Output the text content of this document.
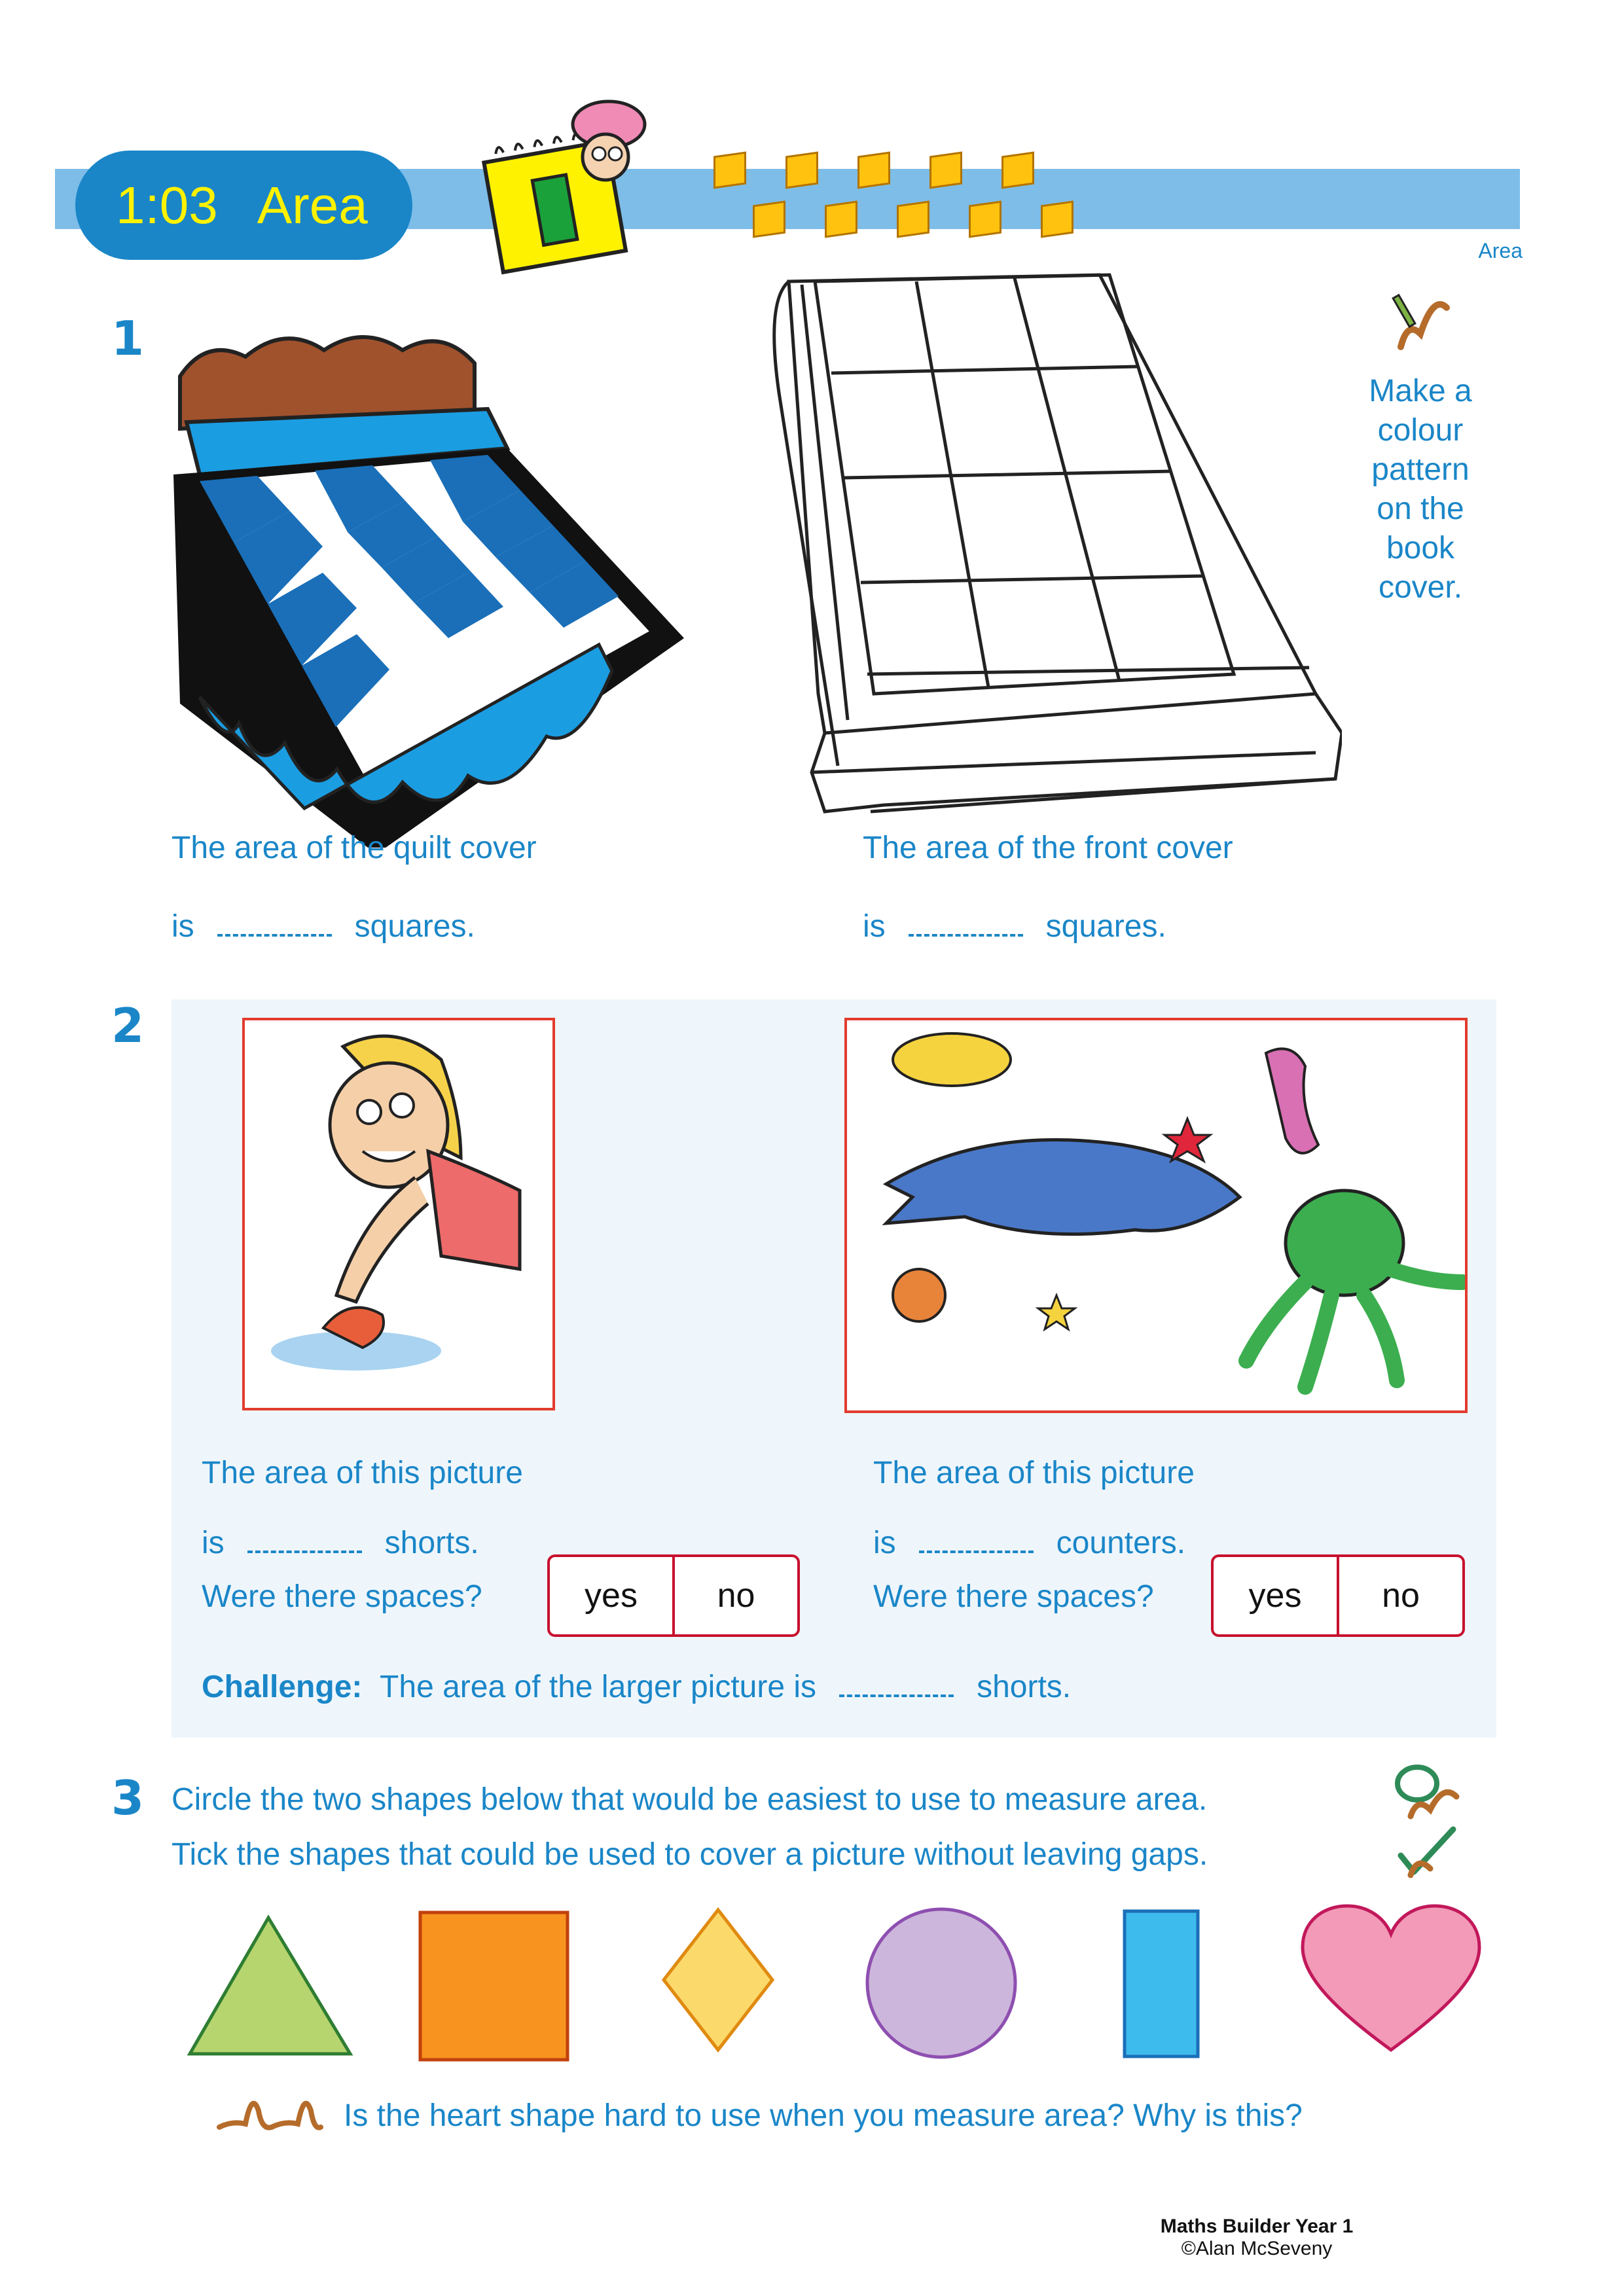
1:03 Area
Area
1
Make a
colour
pattern
on the
book
cover.
The area of the quilt cover
is	squares.
The area of the front cover
is	squares.
2
The area of this picture
is	shorts.
Were there spaces?	yes	no
The area of this picture
is	counters.
Were there spaces?	yes	no
Challenge: The area of the larger picture is	shorts.
3 Circle the two shapes below that would be easiest to use to measure area.
Tick the shapes that could be used to cover a picture without leaving gaps.
Is the heart shape hard to use when you measure area? Why is this?
Maths Builder Year 1
©Alan McSeveny
